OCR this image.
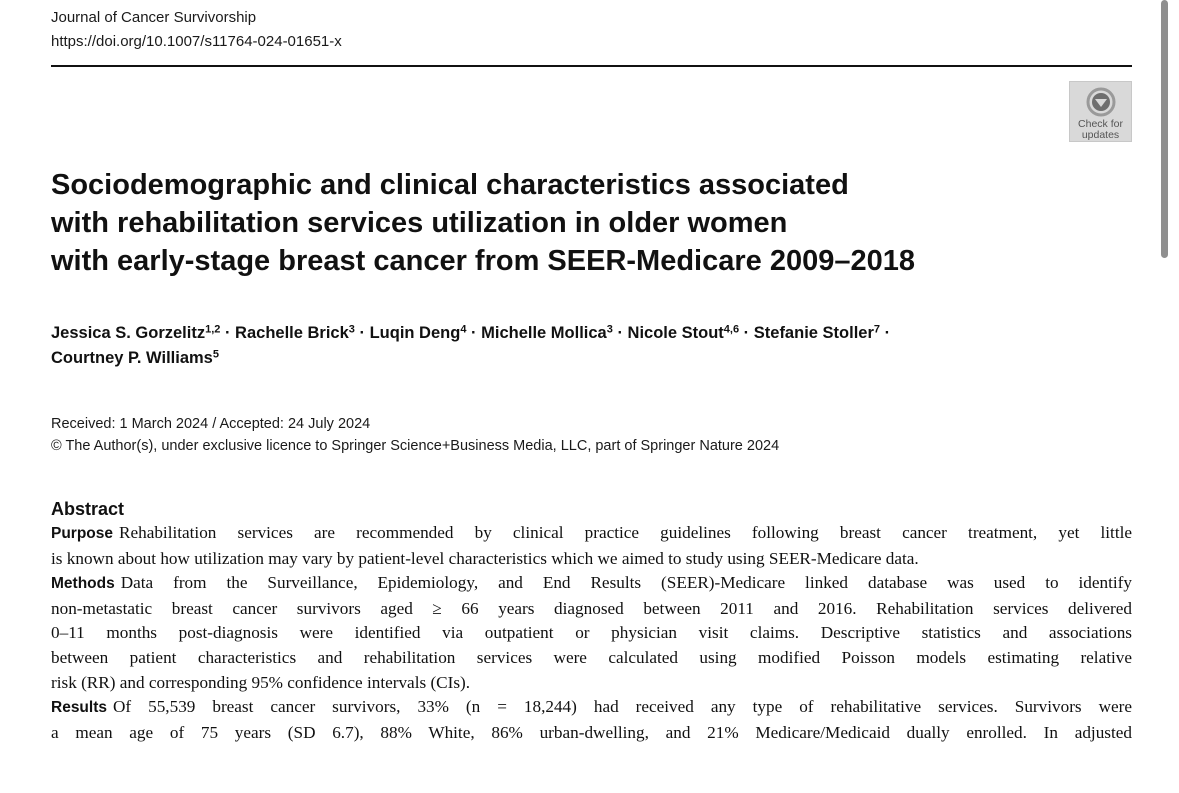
Journal of Cancer Survivorship
https://doi.org/10.1007/s11764-024-01651-x
Check for
updates
Sociodemographic and clinical characteristics associated
with rehabilitation services utilization in older women
with early-stage breast cancer from SEER-Medicare 2009–2018
Jessica S. Gorzelitz$^{1,2}$ · Rachelle Brick$^3$ · Luqin Deng$^4$ · Michelle Mollica$^3$ · Nicole Stout$^{4,6}$ · Stefanie Stoller$^7$ ·
Courtney P. Williams$^5$
Received: 1 March 2024 / Accepted: 24 July 2024
© The Author(s), under exclusive licence to Springer Science+Business Media, LLC, part of Springer Nature 2024
Abstract
Purpose Rehabilitation services are recommended by clinical practice guidelines following breast cancer treatment, yet little
is known about how utilization may vary by patient-level characteristics which we aimed to study using SEER-Medicare data.
Methods Data from the Surveillance, Epidemiology, and End Results (SEER)-Medicare linked database was used to identify
non-metastatic breast cancer survivors aged ≥ 66 years diagnosed between 2011 and 2016. Rehabilitation services delivered
0–11 months post-diagnosis were identified via outpatient or physician visit claims. Descriptive statistics and associations
between patient characteristics and rehabilitation services were calculated using modified Poisson models estimating relative
risk (RR) and corresponding 95% confidence intervals (CIs).
Results Of 55,539 breast cancer survivors, 33% (n = 18,244) had received any type of rehabilitative services. Survivors were
a mean age of 75 years (SD 6.7), 88% White, 86% urban-dwelling, and 21% Medicare/Medicaid dually enrolled. In adjusted
